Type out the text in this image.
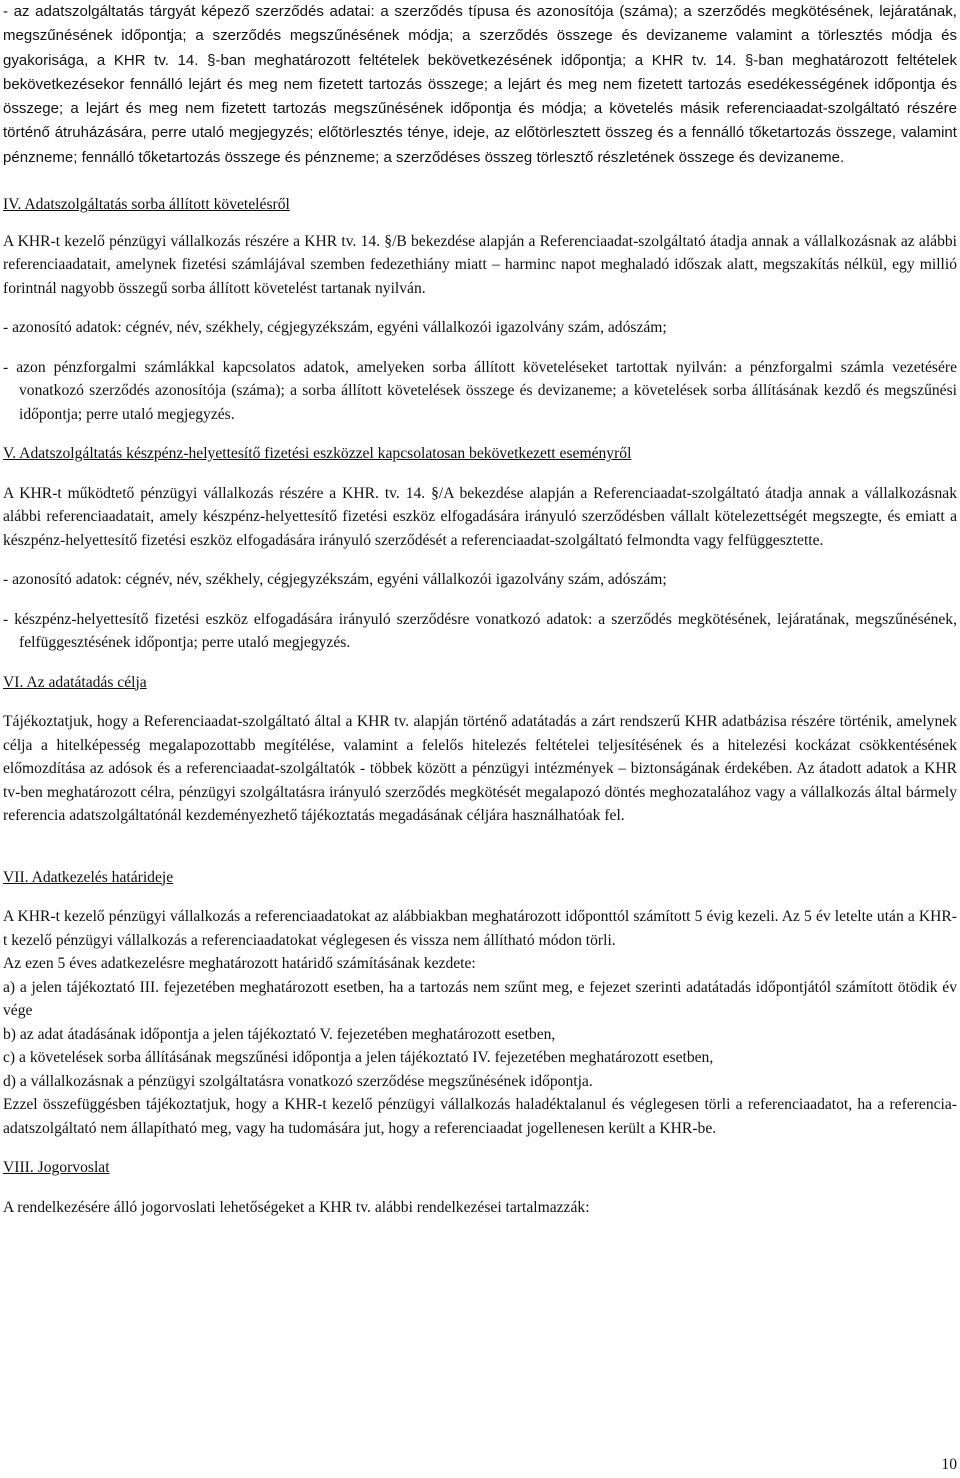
- az adatszolgáltatás tárgyát képező szerződés adatai: a szerződés típusa és azonosítója (száma); a szerződés megkötésének, lejáratának, megszűnésének időpontja; a szerződés megszűnésének módja; a szerződés összege és devizaneme valamint a törlesztés módja és gyakorisága, a KHR tv. 14. §-ban meghatározott feltételek bekövetkezésének időpontja; a KHR tv. 14. §-ban meghatározott feltételek bekövetkezésekor fennálló lejárt és meg nem fizetett tartozás összege; a lejárt és meg nem fizetett tartozás esedékességének időpontja és összege; a lejárt és meg nem fizetett tartozás megszűnésének időpontja és módja; a követelés másik referenciaadat-szolgáltató részére történő átruházására, perre utaló megjegyzés; előtörlesztés ténye, ideje, az előtörlesztett összeg és a fennálló tőketartozás összege, valamint pénzneme; fennálló tőketartozás összege és pénzneme; a szerződéses összeg törlesztő részletének összege és devizaneme.

IV. Adatszolgáltatás sorba állított követelésről

A KHR-t kezelő pénzügyi vállalkozás részére a KHR tv. 14. §/B bekezdése alapján a Referenciaadat-szolgáltató átadja annak a vállalkozásnak az alábbi referenciaadatait, amelynek fizetési számlájával szemben fedezethiány miatt – harminc napot meghaladó időszak alatt, megszakítás nélkül, egy millió forintnál nagyobb összegű sorba állított követelést tartanak nyilván.

- azonosító adatok: cégnév, név, székhely, cégjegyzékszám, egyéni vállalkozói igazolvány szám, adószám;

- azon pénzforgalmi számlákkal kapcsolatos adatok, amelyeken sorba állított követeléseket tartottak nyilván: a pénzforgalmi számla vezetésére vonatkozó szerződés azonosítója (száma); a sorba állított követelések összege és devizaneme; a követelések sorba állításának kezdő és megszűnési időpontja; perre utaló megjegyzés.

V. Adatszolgáltatás készpénz-helyettesítő fizetési eszközzel kapcsolatosan bekövetkezett eseményről

A KHR-t működtető pénzügyi vállalkozás részére a KHR. tv. 14. §/A bekezdése alapján a Referenciaadat-szolgáltató átadja annak a vállalkozásnak alábbi referenciaadatait, amely készpénz-helyettesítő fizetési eszköz elfogadására irányuló szerződésben vállalt kötelezettségét megszegte, és emiatt a készpénz-helyettesítő fizetési eszköz elfogadására irányuló szerződését a referenciaadat-szolgáltató felmondta vagy felfüggesztette.

- azonosító adatok: cégnév, név, székhely, cégjegyzékszám, egyéni vállalkozói igazolvány szám, adószám;

- készpénz-helyettesítő fizetési eszköz elfogadására irányuló szerződésre vonatkozó adatok: a szerződés megkötésének, lejáratának, megszűnésének, felfüggesztésének időpontja; perre utaló megjegyzés.

VI. Az adatátadás célja

Tájékoztatjuk, hogy a Referenciaadat-szolgáltató által a KHR tv. alapján történő adatátadás a zárt rendszerű KHR adatbázisa részére történik, amelynek célja a hitelképesség megalapozottabb megítélése, valamint a felelős hitelezés feltételei teljesítésének és a hitelezési kockázat csökkentésének előmozdítása az adósok és a referenciaadat-szolgáltatók - többek között a pénzügyi intézmények – biztonságának érdekében. Az átadott adatok a KHR tv-ben meghatározott célra, pénzügyi szolgáltatásra irányuló szerződés megkötését megalapozó döntés meghozatalához vagy a vállalkozás által bármely referencia adatszolgáltatónál kezdeményezhető tájékoztatás megadásának céljára használhatóak fel.

VII. Adatkezelés határideje

A KHR-t kezelő pénzügyi vállalkozás a referenciaadatokat az alábbiakban meghatározott időponttól számított 5 évig kezeli. Az 5 év letelte után a KHR-t kezelő pénzügyi vállalkozás a referenciaadatokat véglegesen és vissza nem állítható módon törli.

Az ezen 5 éves adatkezelésre meghatározott határidő számításának kezdete:

a) a jelen tájékoztató III. fejezetében meghatározott esetben, ha a tartozás nem szűnt meg, e fejezet szerinti adatátadás időpontjától számított ötödik év vége

b) az adat átadásának időpontja a jelen tájékoztató V. fejezetében meghatározott esetben,

c) a követelések sorba állításának megszűnési időpontja a jelen tájékoztató IV. fejezetében meghatározott esetben,

d) a vállalkozásnak a pénzügyi szolgáltatásra vonatkozó szerződése megszűnésének időpontja.

Ezzel összefüggésben tájékoztatjuk, hogy a KHR-t kezelő pénzügyi vállalkozás haladéktalanul és véglegesen törli a referenciaadatot, ha a referencia-adatszolgáltató nem állapítható meg, vagy ha tudomására jut, hogy a referenciaadat jogellenesen került a KHR-be.

VIII. Jogorvoslat

A rendelkezésére álló jogorvoslati lehetőségeket a KHR tv. alábbi rendelkezései tartalmazzák:

10
